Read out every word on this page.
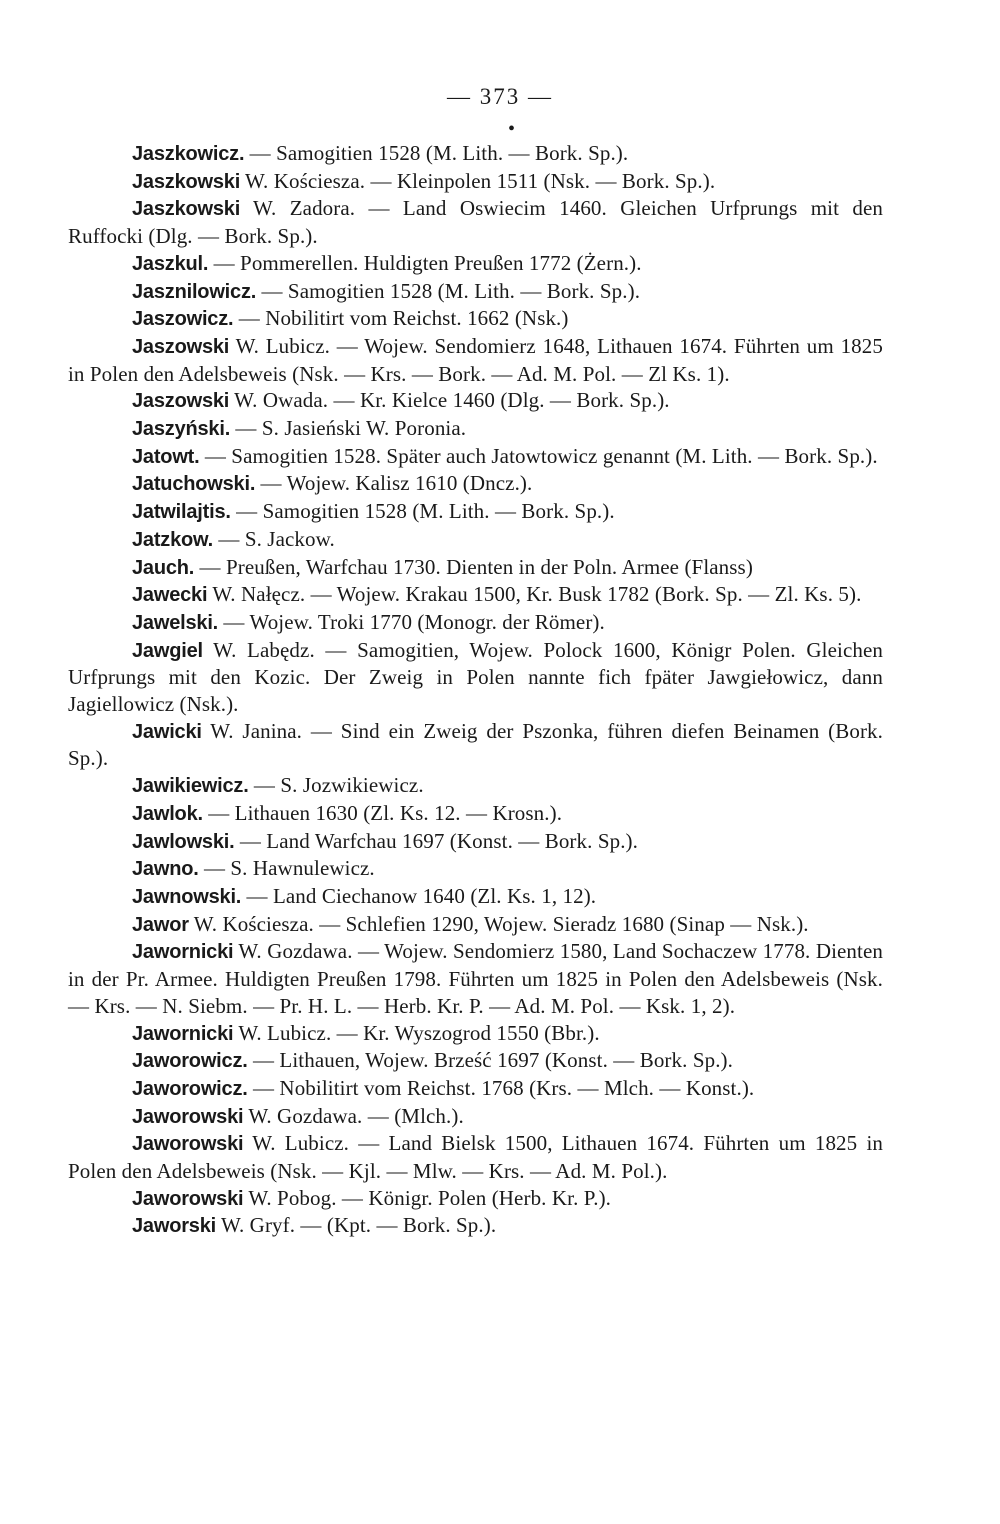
— 373 —
•

Jaszkowicz. — Samogitien 1528 (M. Lith. — Bork. Sp.).

Jaszkowski W. Kościesza. — Kleinpolen 1511 (Nsk. — Bork. Sp.).

Jaszkowski W. Zadora. — Land Oswiecim 1460. Gleichen Urfprungs mit den Ruffocki (Dlg. — Bork. Sp.).

Jaszkul. — Pommerellen. Huldigten Preußen 1772 (Żern.).

Jasznilowicz. — Samogitien 1528 (M. Lith. — Bork. Sp.).

Jaszowicz. — Nobilitirt vom Reichst. 1662 (Nsk.)

Jaszowski W. Lubicz. — Wojew. Sendomierz 1648, Lithauen 1674. Führten um 1825 in Polen den Adelsbeweis (Nsk. — Krs. — Bork. — Ad. M. Pol. — Zl Ks. 1).

Jaszowski W. Owada. — Kr. Kielce 1460 (Dlg. — Bork. Sp.).

Jaszyński. — S. Jasieński W. Poronia.

Jatowt. — Samogitien 1528. Später auch Jatowtowicz genannt (M. Lith. — Bork. Sp.).

Jatuchowski. — Wojew. Kalisz 1610 (Dncz.).

Jatwilajtis. — Samogitien 1528 (M. Lith. — Bork. Sp.).

Jatzkow. — S. Jackow.

Jauch. — Preußen, Warfchau 1730. Dienten in der Poln. Armee (Flanss)

Jawecki W. Nałęcz. — Wojew. Krakau 1500, Kr. Busk 1782 (Bork. Sp. — Zl. Ks. 5).

Jawelski. — Wojew. Troki 1770 (Monogr. der Römer).

Jawgiel W. Labędz. — Samogitien, Wojew. Polock 1600, Königr Polen. Gleichen Urfprungs mit den Kozic. Der Zweig in Polen nannte fich fpäter Jawgiełowicz, dann Jagiellowicz (Nsk.).

Jawicki W. Janina. — Sind ein Zweig der Pszonka, führen diefen Beinamen (Bork. Sp.).

Jawikiewicz. — S. Jozwikiewicz.

Jawlok. — Lithauen 1630 (Zl. Ks. 12. — Krosn.).

Jawlowski. — Land Warfchau 1697 (Konst. — Bork. Sp.).

Jawno. — S. Hawnulewicz.

Jawnowski. — Land Ciechanow 1640 (Zl. Ks. 1, 12).

Jawor W. Kościesza. — Schlefien 1290, Wojew. Sieradz 1680 (Sinap — Nsk.).

Jawornicki W. Gozdawa. — Wojew. Sendomierz 1580, Land Sochaczew 1778. Dienten in der Pr. Armee. Huldigten Preußen 1798. Führten um 1825 in Polen den Adelsbeweis (Nsk. — Krs. — N. Siebm. — Pr. H. L. — Herb. Kr. P. — Ad. M. Pol. — Ksk. 1, 2).

Jawornicki W. Lubicz. — Kr. Wyszogrod 1550 (Bbr.).

Jaworowicz. — Lithauen, Wojew. Brześć 1697 (Konst. — Bork. Sp.).

Jaworowicz. — Nobilitirt vom Reichst. 1768 (Krs. — Mlch. — Konst.).

Jaworowski W. Gozdawa. — (Mlch.).

Jaworowski W. Lubicz. — Land Bielsk 1500, Lithauen 1674. Führten um 1825 in Polen den Adelsbeweis (Nsk. — Kjl. — Mlw. — Krs. — Ad. M. Pol.).

Jaworowski W. Pobog. — Königr. Polen (Herb. Kr. P.).

Jaworski W. Gryf. — (Kpt. — Bork. Sp.).
